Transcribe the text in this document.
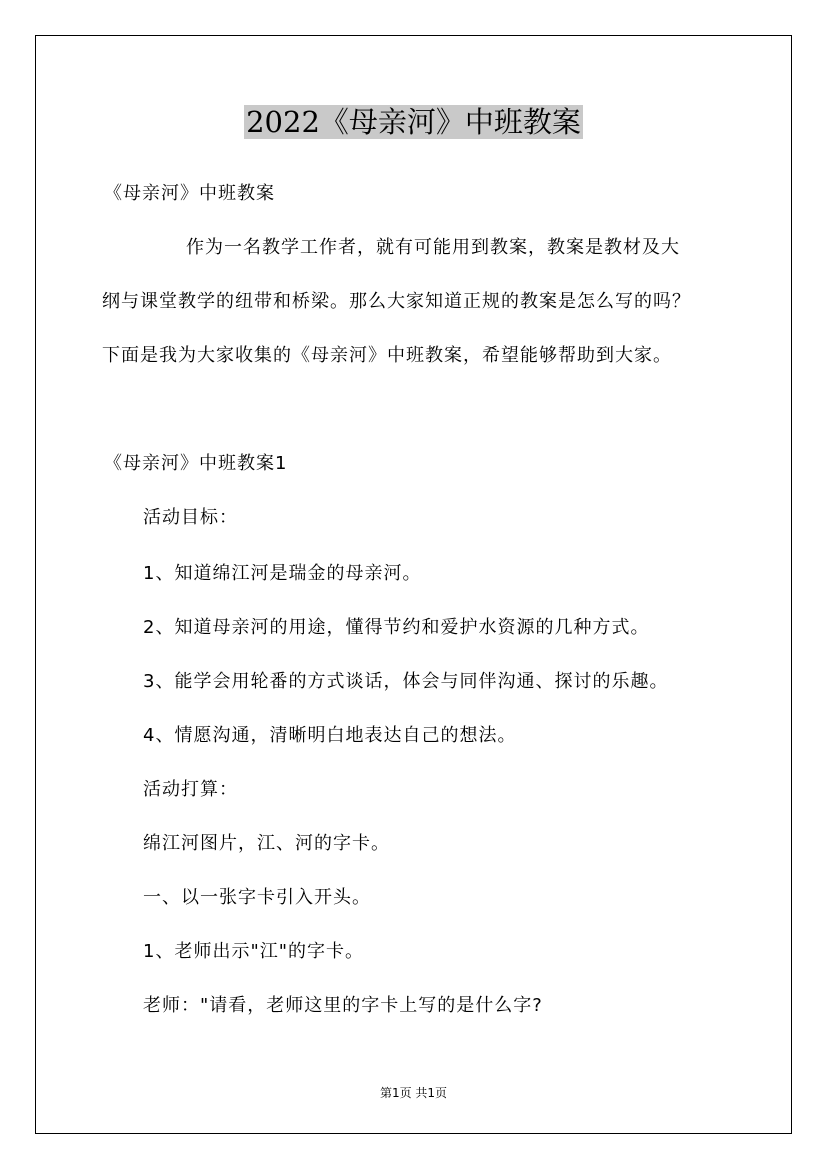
2022《母亲河》中班教案
《母亲河》中班教案
作为一名教学工作者，就有可能用到教案，教案是教材及大
纲与课堂教学的纽带和桥梁。那么大家知道正规的教案是怎么写的吗？
下面是我为大家收集的《母亲河》中班教案，希望能够帮助到大家。
《母亲河》中班教案1
活动目标：
1、知道绵江河是瑞金的母亲河。
2、知道母亲河的用途，懂得节约和爱护水资源的几种方式。
3、能学会用轮番的方式谈话，体会与同伴沟通、探讨的乐趣。
4、情愿沟通，清晰明白地表达自己的想法。
活动打算：
绵江河图片，江、河的字卡。
一、以一张字卡引入开头。
1、老师出示"江"的字卡。
老师："请看，老师这里的字卡上写的是什么字?
第1页 共1页
